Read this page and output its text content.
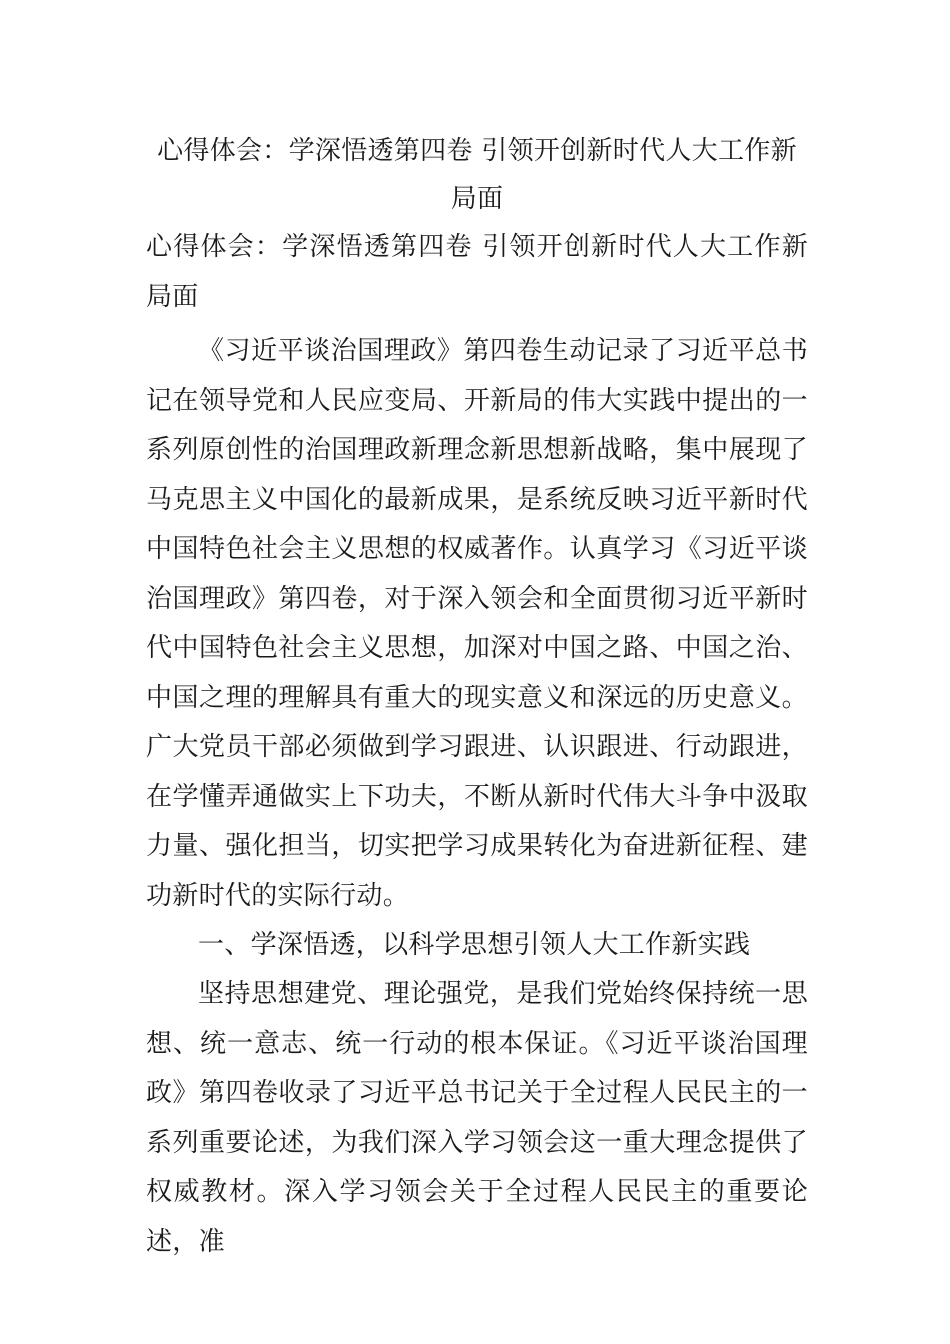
心得体会：学深悟透第四卷 引领开创新时代人大工作新局面
心得体会：学深悟透第四卷 引领开创新时代人大工作新局面
《习近平谈治国理政》第四卷生动记录了习近平总书记在领导党和人民应变局、开新局的伟大实践中提出的一系列原创性的治国理政新理念新思想新战略，集中展现了马克思主义中国化的最新成果，是系统反映习近平新时代中国特色社会主义思想的权威著作。认真学习《习近平谈治国理政》第四卷，对于深入领会和全面贯彻习近平新时代中国特色社会主义思想，加深对中国之路、中国之治、中国之理的理解具有重大的现实意义和深远的历史意义。广大党员干部必须做到学习跟进、认识跟进、行动跟进，在学懂弄通做实上下功夫，不断从新时代伟大斗争中汲取力量、强化担当，切实把学习成果转化为奋进新征程、建功新时代的实际行动。
一、学深悟透，以科学思想引领人大工作新实践
坚持思想建党、理论强党，是我们党始终保持统一思想、统一意志、统一行动的根本保证。《习近平谈治国理政》第四卷收录了习近平总书记关于全过程人民民主的一系列重要论述，为我们深入学习领会这一重大理念提供了权威教材。深入学习领会关于全过程人民民主的重要论述，准
